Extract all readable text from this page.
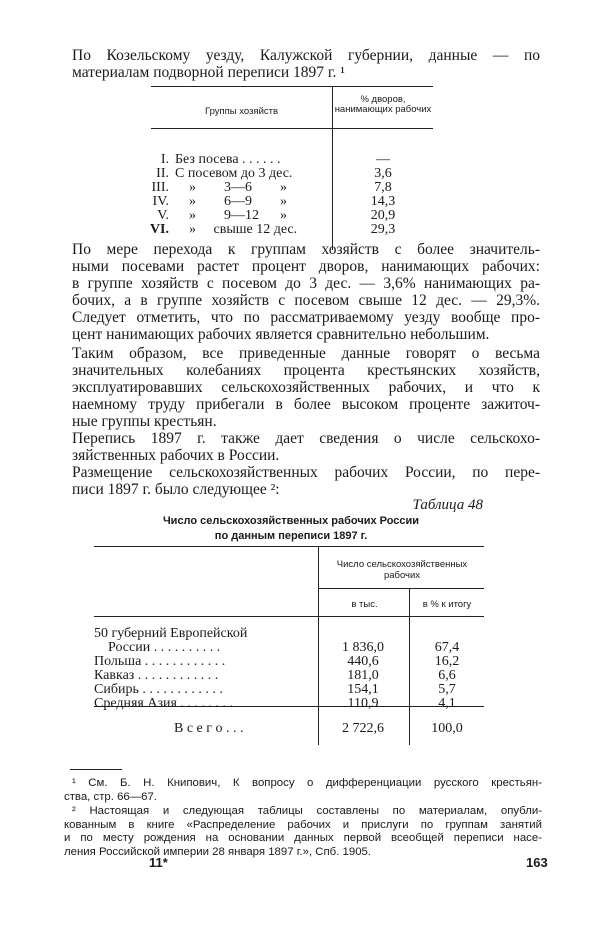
По Козельскому уезду, Калужской губернии, данные — по
материалам подворной переписи 1897 г. ¹
Группы хозяйств
% дворов, нанимающих рабочих
I. Без посева . . . . . .	—
II. С посевом до 3 дес.	3,6
III. »        3—6        »	7,8
IV. »        6—9        »	14,3
V. »        9—12      »	20,9
VI. »     свыше 12 дес.	29,3
По мере перехода к группам хозяйств с более значитель-
ными посевами растет процент дворов, нанимающих рабочих:
в группе хозяйств с посевом до 3 дес. — 3,6% нанимающих ра-
бочих, а в группе хозяйств с посевом свыше 12 дес. — 29,3%.
Следует отметить, что по рассматриваемому уезду вообще про-
цент нанимающих рабочих является сравнительно небольшим.
Таким образом, все приведенные данные говорят о весьма
значительных колебаниях процента крестьянских хозяйств,
эксплуатировавших сельскохозяйственных рабочих, и что к
наемному труду прибегали в более высоком проценте зажиточ-
ные группы крестьян.
Перепись 1897 г. также дает сведения о числе сельскохо-
зяйственных рабочих в России.
Размещение сельскохозяйственных рабочих России, по пере-
писи 1897 г. было следующее ²:
Таблица 48
Число сельскохозяйственных рабочих России
по данным переписи 1897 г.
Число сельскохозяйственных рабочих
в тыс.	в % к итогу
50 губерний Европейской
России . . . . . . . . . .	1 836,0	67,4
Польша . . . . . . . . . . . .	440,6	16,2
Кавказ . . . . . . . . . . . .	181,0	6,6
Сибирь . . . . . . . . . . . .	154,1	5,7
Средняя Азия . . . . . . . .	110,9	4,1
В с е г о . . .	2 722,6	100,0
¹ См. Б. Н. Книпович, К вопросу о дифференциации русского крестьян-
ства, стр. 66—67.
² Настоящая и следующая таблицы составлены по материалам, опубли-
кованным в книге «Распределение рабочих и прислуги по группам занятий
и по месту рождения на основании данных первой всеобщей переписи насе-
ления Российской империи 28 января 1897 г.», Спб. 1905.
11*	163
